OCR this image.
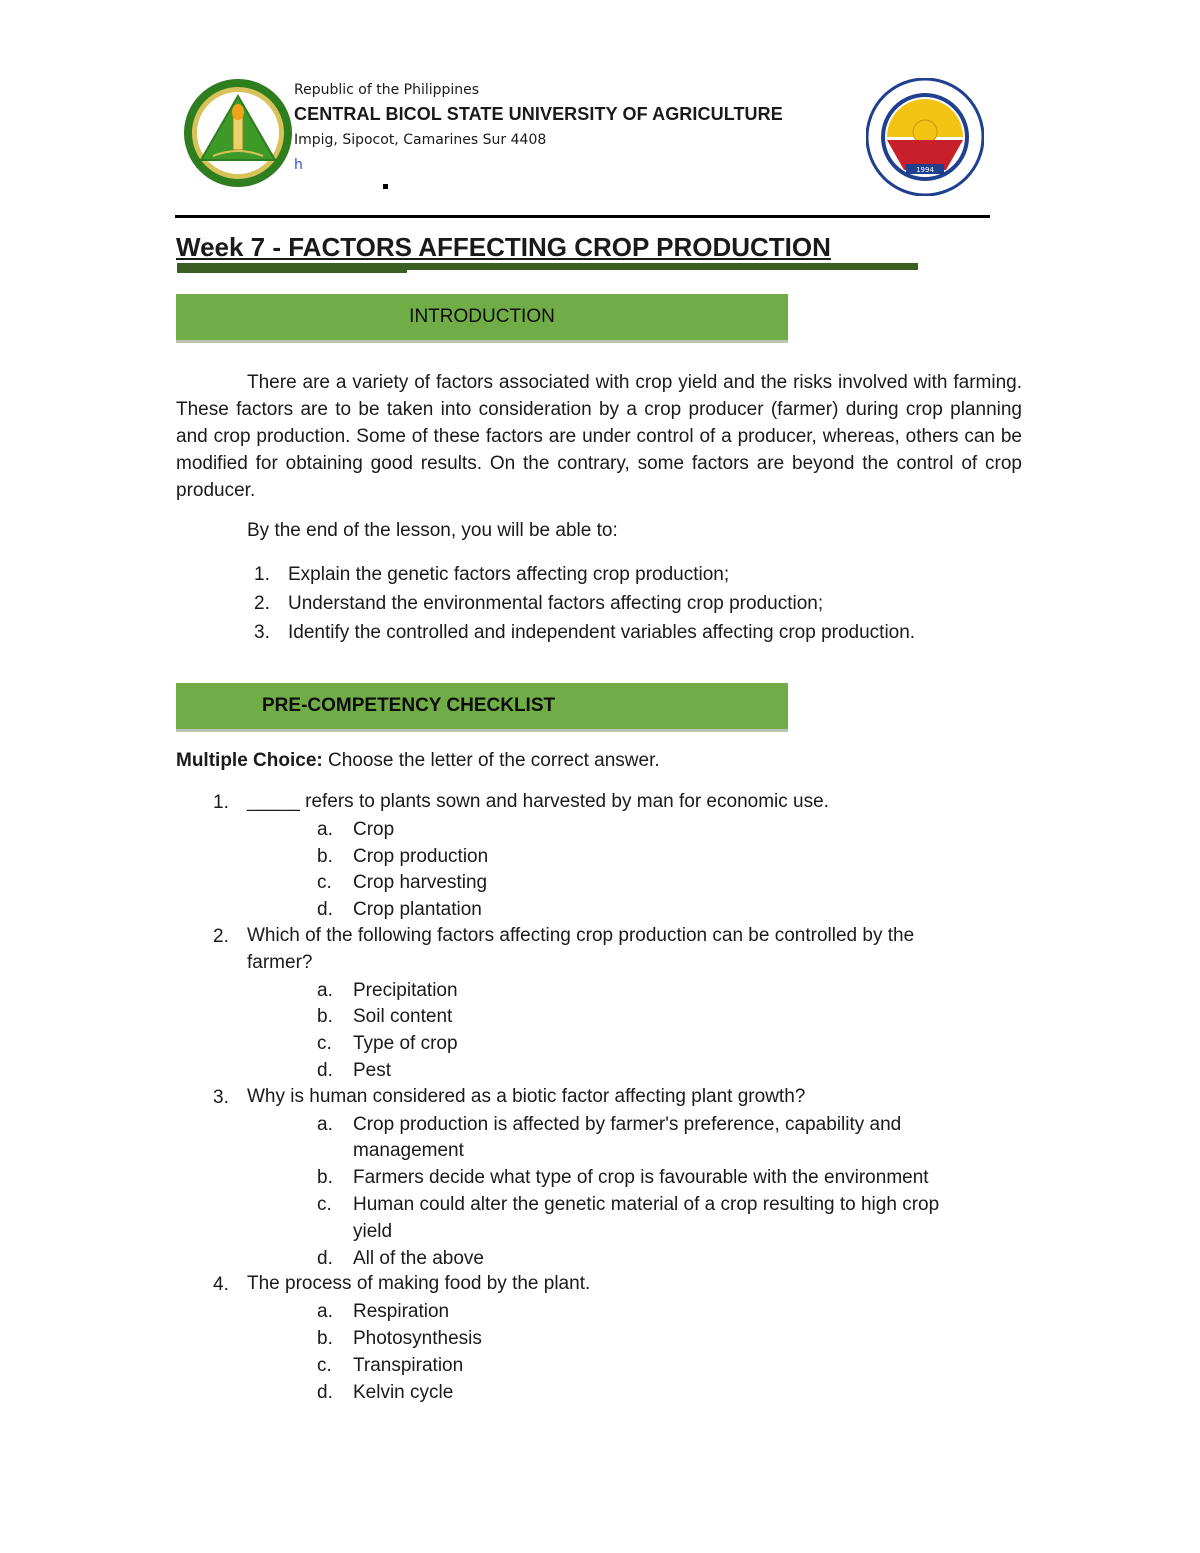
1994
Republic of the Philippines
CENTRAL BICOL STATE UNIVERSITY OF AGRICULTURE
Impig, Sipocot, Camarines Sur 4408
h
Week 7 - FACTORS AFFECTING CROP PRODUCTION
INTRODUCTION
There are a variety of factors associated with crop yield and the risks involved with farming. These factors are to be taken into consideration by a crop producer (farmer) during crop planning and crop production. Some of these factors are under control of a producer, whereas, others can be modified for obtaining good results. On the contrary, some factors are beyond the control of crop producer.
By the end of the lesson, you will be able to:
1. Explain the genetic factors affecting crop production;
2. Understand the environmental factors affecting crop production;
3. Identify the controlled and independent variables affecting crop production.
PRE-COMPETENCY CHECKLIST
Multiple Choice: Choose the letter of the correct answer.
1. _____ refers to plants sown and harvested by man for economic use.
a. Crop
b. Crop production
c. Crop harvesting
d. Crop plantation
2. Which of the following factors affecting crop production can be controlled by the
farmer?
a. Precipitation
b. Soil content
c. Type of crop
d. Pest
3. Why is human considered as a biotic factor affecting plant growth?
a. Crop production is affected by farmer's preference, capability and
management
b. Farmers decide what type of crop is favourable with the environment
c. Human could alter the genetic material of a crop resulting to high crop
yield
d. All of the above
4. The process of making food by the plant.
a. Respiration
b. Photosynthesis
c. Transpiration
d. Kelvin cycle
